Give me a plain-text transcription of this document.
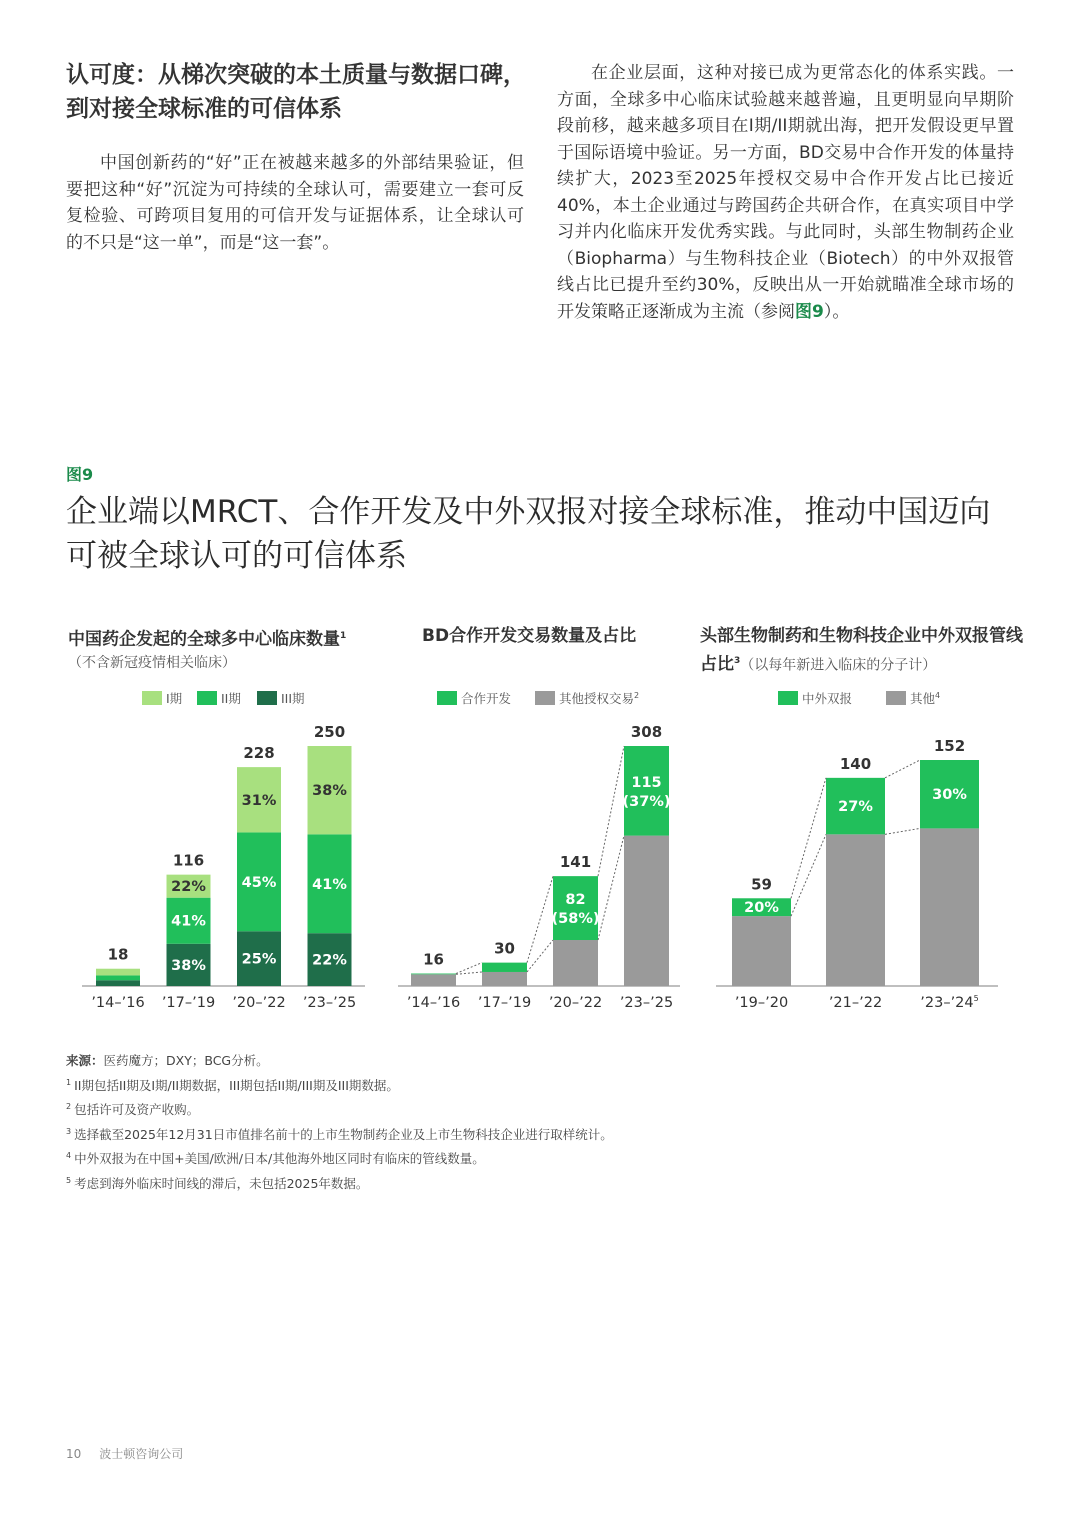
认可度：从梯次突破的本土质量与数据口碑，到对接全球标准的可信体系

中国创新药的“好”正在被越来越多的外部结果验证，但要把这种“好”沉淀为可持续的全球认可，需要建立一套可反复检验、可跨项目复用的可信开发与证据体系，让全球认可的不只是“这一单”，而是“这一套”。

在企业层面，这种对接已成为更常态化的体系实践。一方面，全球多中心临床试验越来越普遍，且更明显向早期阶段前移，越来越多项目在I期/II期就出海，把开发假设更早置于国际语境中验证。另一方面，BD交易中合作开发的体量持续扩大，2023至2025年授权交易中合作开发占比已接近40%，本土企业通过与跨国药企共研合作，在真实项目中学习并内化临床开发优秀实践。与此同时，头部生物制药企业（Biopharma）与生物科技企业（Biotech）的中外双报管线占比已提升至约30%，反映出从一开始就瞄准全球市场的开发策略正逐渐成为主流（参阅图9）。

图9
企业端以MRCT、合作开发及中外双报对接全球标准，推动中国迈向可被全球认可的可信体系
中国药企发起的全球多中心临床数量$^1$
（不含新冠疫情相关临床）
BD合作开发交易数量及占比	头部生物制药和生物科技企业中外双报管线占比$^3$（以每年新进入临床的分子计）
I期	II期	III期
18
’14–’16
38%
41%
22%
116
’17–’19
25%
45%
31%
228
’20–’22
22%
41%
38%
250
’23–’25
合作开发	其他授权交易$^2$
16
’14–’16
30
’17–’19
82 (58%)
141
’20–’22
115 (37%)
308
’23–’25
中外双报	其他$^4$
20%
59
’19–’20
27%
140
’21–’22
30%
152
$’23-’24^5$
来源：医药魔方；DXY；BCG分析。
$^1$ II期包括II期及I期/II期数据，III期包括II期/III期及III期数据。
$^2$ 包括许可及资产收购。
$^3$ 选择截至2025年12月31日市值排名前十的上市生物制药企业及上市生物科技企业进行取样统计。
$^4$ 中外双报为在中国+美国/欧洲/日本/其他海外地区同时有临床的管线数量。
$^5$ 考虑到海外临床时间线的滞后，未包括2025年数据。
10 波士顿咨询公司
